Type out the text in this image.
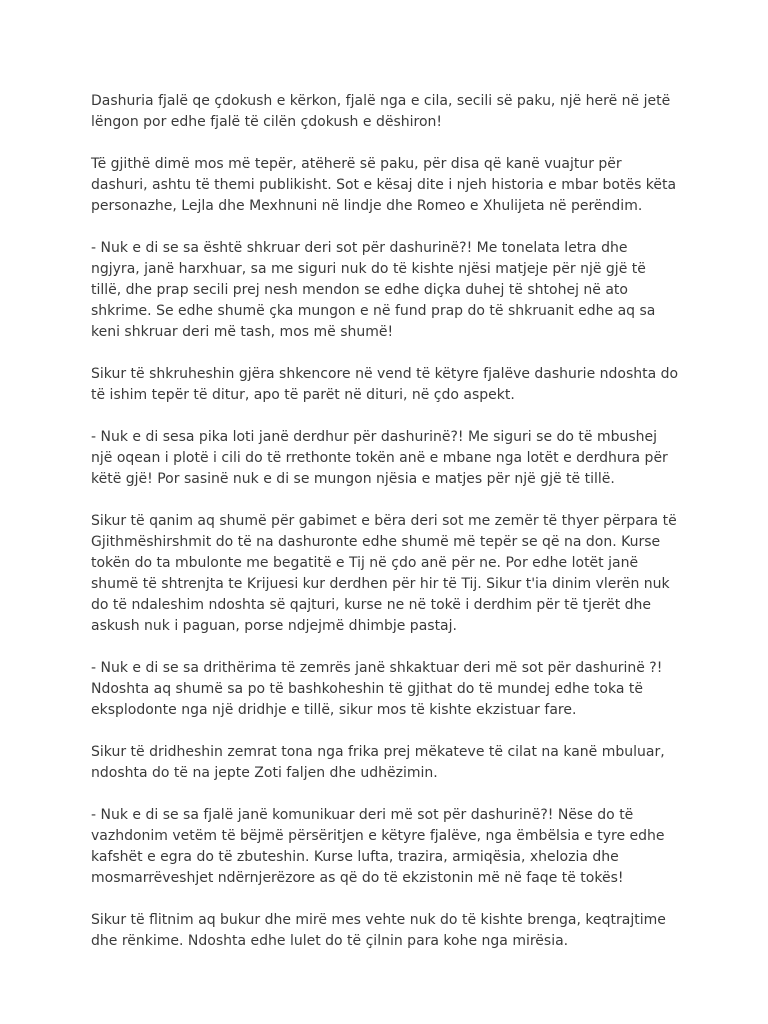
Dashuria fjalë qe çdokush e kërkon, fjalë nga e cila, secili së paku, një herë në jetë
lëngon por edhe fjalë të cilën çdokush e dëshiron!

Të gjithë dimë mos më tepër, atëherë së paku, për disa që kanë vuajtur për
dashuri, ashtu të themi publikisht. Sot e kësaj dite i njeh historia e mbar botës këta
personazhe, Lejla dhe Mexhnuni në lindje dhe Romeo e Xhulijeta në perëndim.

- Nuk e di se sa është shkruar deri sot për dashurinë?! Me tonelata letra dhe
ngjyra, janë harxhuar, sa me siguri nuk do të kishte njësi matjeje për një gjë të
tillë, dhe prap secili prej nesh mendon se edhe diçka duhej të shtohej në ato
shkrime. Se edhe shumë çka mungon e në fund prap do të shkruanit edhe aq sa
keni shkruar deri më tash, mos më shumë!

Sikur të shkruheshin gjëra shkencore në vend të këtyre fjalëve dashurie ndoshta do
të ishim tepër të ditur, apo të parët në dituri, në çdo aspekt.

- Nuk e di sesa pika loti janë derdhur për dashurinë?! Me siguri se do të mbushej
një oqean i plotë i cili do të rrethonte tokën anë e mbane nga lotët e derdhura për
këtë gjë! Por sasinë nuk e di se mungon njësia e matjes për një gjë të tillë.

Sikur të qanim aq shumë për gabimet e bëra deri sot me zemër të thyer përpara të
Gjithmëshirshmit do të na dashuronte edhe shumë më tepër se që na don. Kurse
tokën do ta mbulonte me begatitë e Tij në çdo anë për ne. Por edhe lotët janë
shumë të shtrenjta te Krijuesi kur derdhen për hir të Tij. Sikur t'ia dinim vlerën nuk
do të ndaleshim ndoshta së qajturi, kurse ne në tokë i derdhim për të tjerët dhe
askush nuk i paguan, porse ndjejmë dhimbje pastaj.

- Nuk e di se sa drithërima të zemrës janë shkaktuar deri më sot për dashurinë ?!
Ndoshta aq shumë sa po të bashkoheshin të gjithat do të mundej edhe toka të
eksplodonte nga një dridhje e tillë, sikur mos të kishte ekzistuar fare.

Sikur të dridheshin zemrat tona nga frika prej mëkateve të cilat na kanë mbuluar,
ndoshta do të na jepte Zoti faljen dhe udhëzimin.

- Nuk e di se sa fjalë janë komunikuar deri më sot për dashurinë?! Nëse do të
vazhdonim vetëm të bëjmë përsëritjen e këtyre fjalëve, nga ëmbëlsia e tyre edhe
kafshët e egra do të zbuteshin. Kurse lufta, trazira, armiqësia, xhelozia dhe
mosmarrëveshjet ndërnjerëzore as që do të ekzistonin më në faqe të tokës!

Sikur të flitnim aq bukur dhe mirë mes vehte nuk do të kishte brenga, keqtrajtime
dhe rënkime. Ndoshta edhe lulet do të çilnin para kohe nga mirësia.
